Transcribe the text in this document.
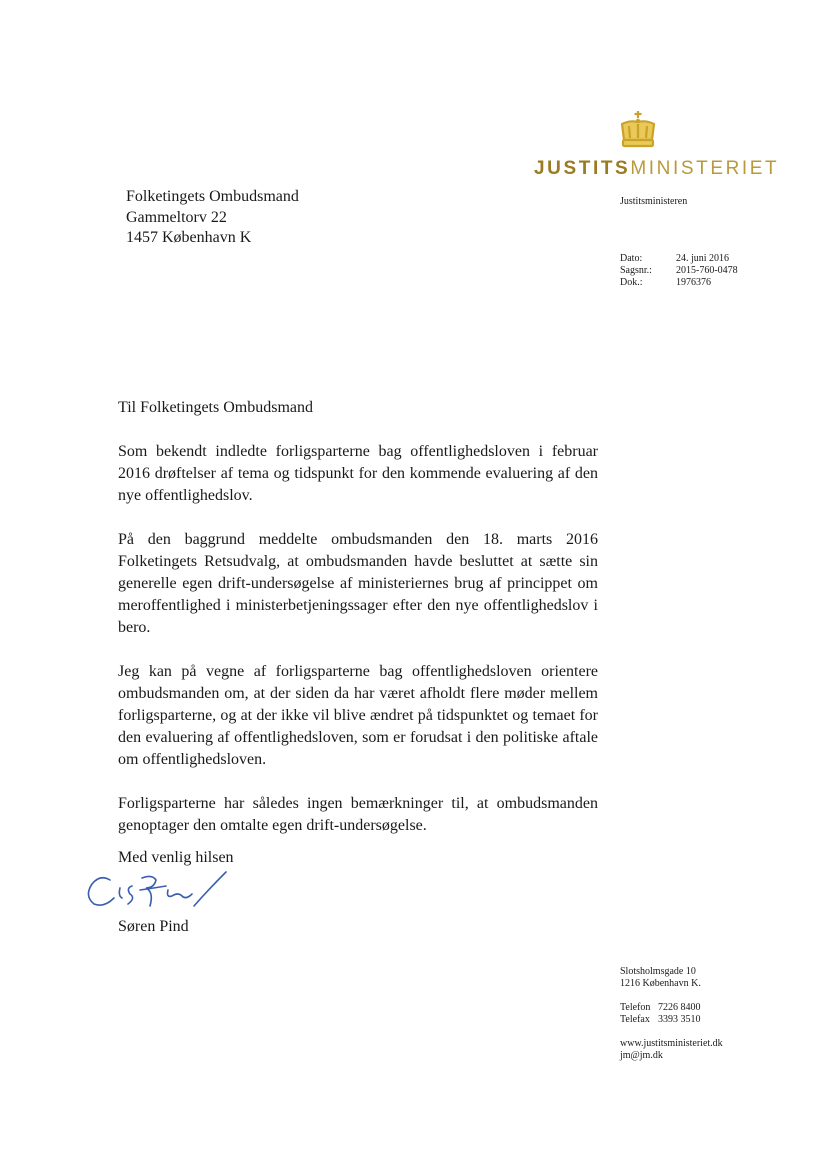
JUSTITSMINISTERIET
Justitsministeren
Folketingets Ombudsmand
Gammeltorv 22
1457 København K
Dato:	24. juni 2016
Sagsnr.:	2015-760-0478
Dok.:	1976376

Til Folketingets Ombudsmand

Som bekendt indledte forligsparterne bag offentlighedsloven i februar 2016 drøftelser af tema og tidspunkt for den kommende evaluering af den nye offentlighedslov.

På den baggrund meddelte ombudsmanden den 18. marts 2016 Folketingets Retsudvalg, at ombudsmanden havde besluttet at sætte sin generelle egen drift-undersøgelse af ministeriernes brug af princippet om meroffentlighed i ministerbetjeningssager efter den nye offentlighedslov i bero.

Jeg kan på vegne af forligsparterne bag offentlighedsloven orientere ombudsmanden om, at der siden da har været afholdt flere møder mellem forligsparterne, og at der ikke vil blive ændret på tidspunktet og temaet for den evaluering af offentlighedsloven, som er forudsat i den politiske aftale om offentlighedsloven.

Forligsparterne har således ingen bemærkninger til, at ombudsmanden genoptager den omtalte egen drift-undersøgelse.

Med venlig hilsen
Søren Pind
Slotsholmsgade 10
1216 København K.
Telefon 7226 8400
Telefax 3393 3510
www.justitsministeriet.dk
jm@jm.dk
